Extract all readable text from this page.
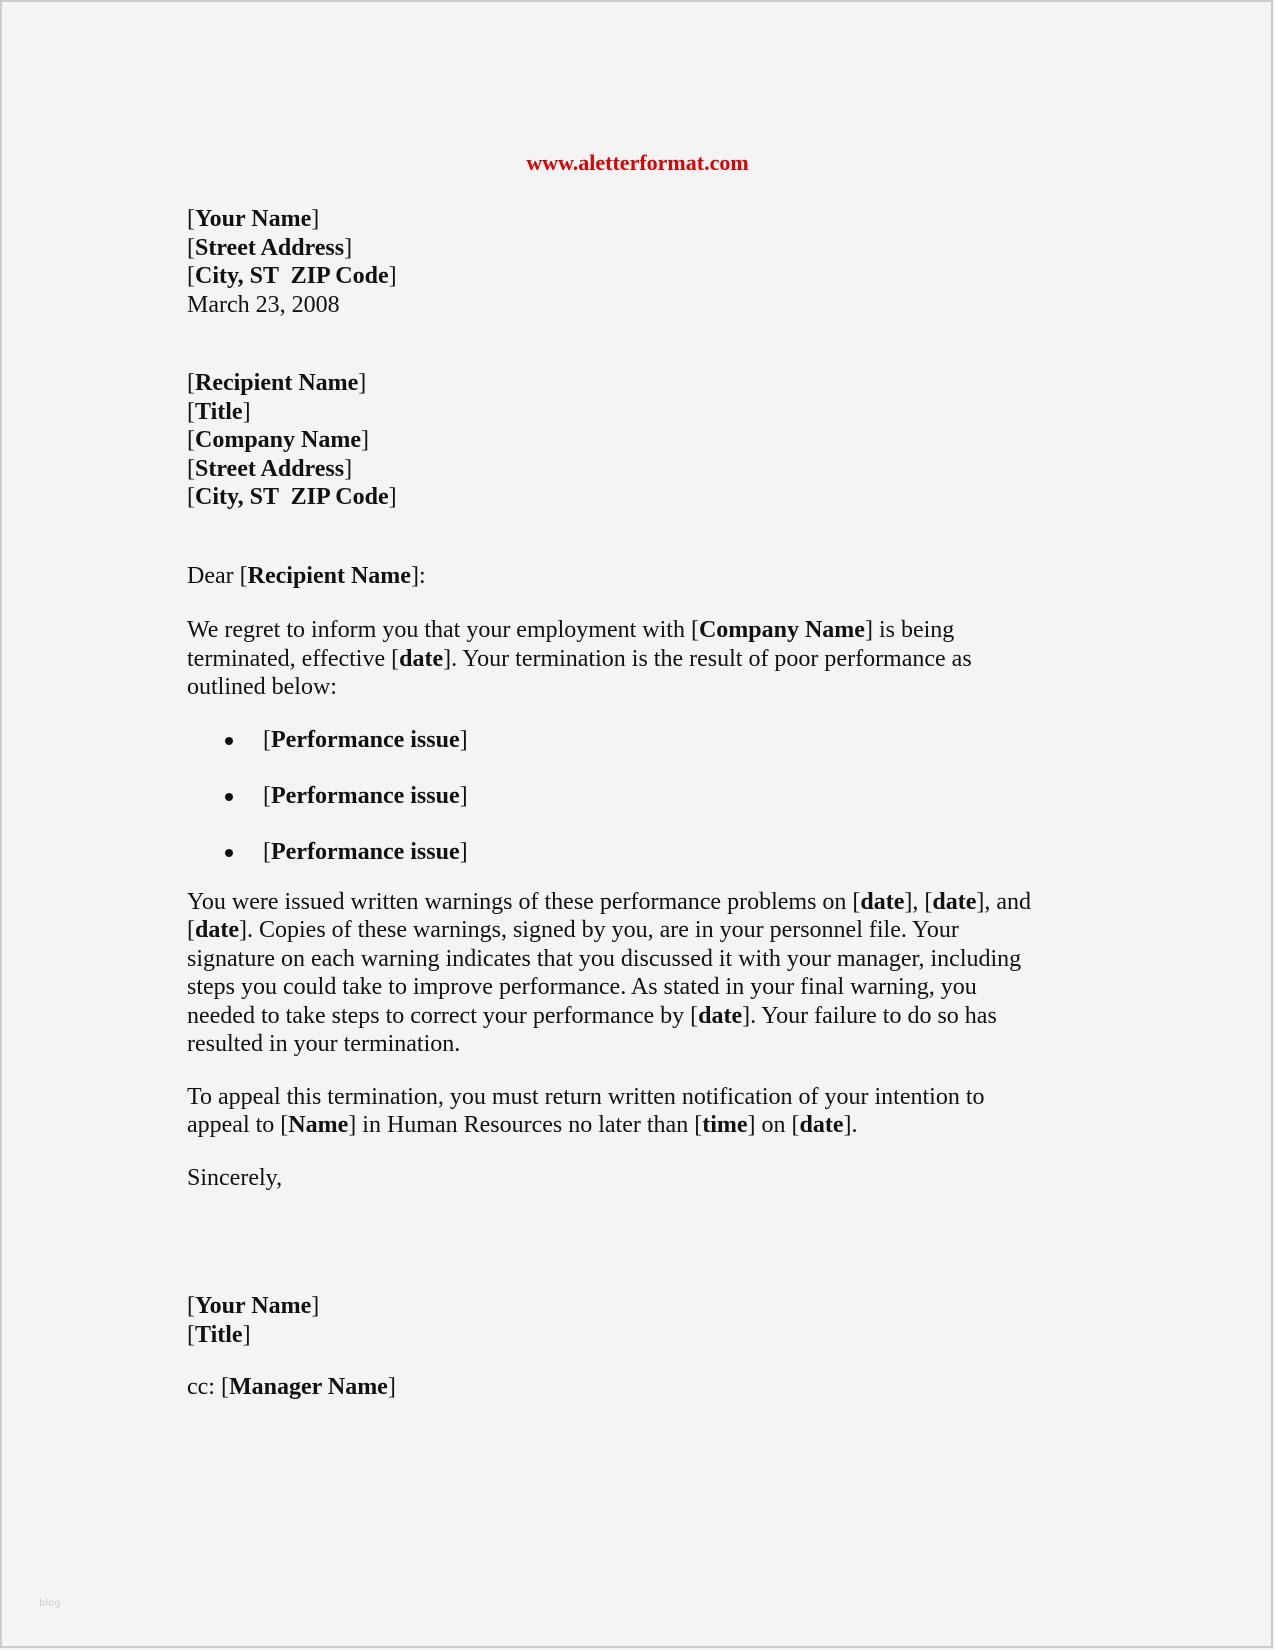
www.aletterformat.com
[Your Name]
[Street Address]
[City, ST  ZIP Code]
March 23, 2008
[Recipient Name]
[Title]
[Company Name]
[Street Address]
[City, ST  ZIP Code]
Dear [Recipient Name]:
We regret to inform you that your employment with [Company Name] is being
terminated, effective [date]. Your termination is the result of poor performance as
outlined below:
[Performance issue]
[Performance issue]
[Performance issue]
You were issued written warnings of these performance problems on [date], [date], and
[date]. Copies of these warnings, signed by you, are in your personnel file. Your
signature on each warning indicates that you discussed it with your manager, including
steps you could take to improve performance. As stated in your final warning, you
needed to take steps to correct your performance by [date]. Your failure to do so has
resulted in your termination.
To appeal this termination, you must return written notification of your intention to
appeal to [Name] in Human Resources no later than [time] on [date].
Sincerely,
[Your Name]
[Title]
cc: [Manager Name]
blog
